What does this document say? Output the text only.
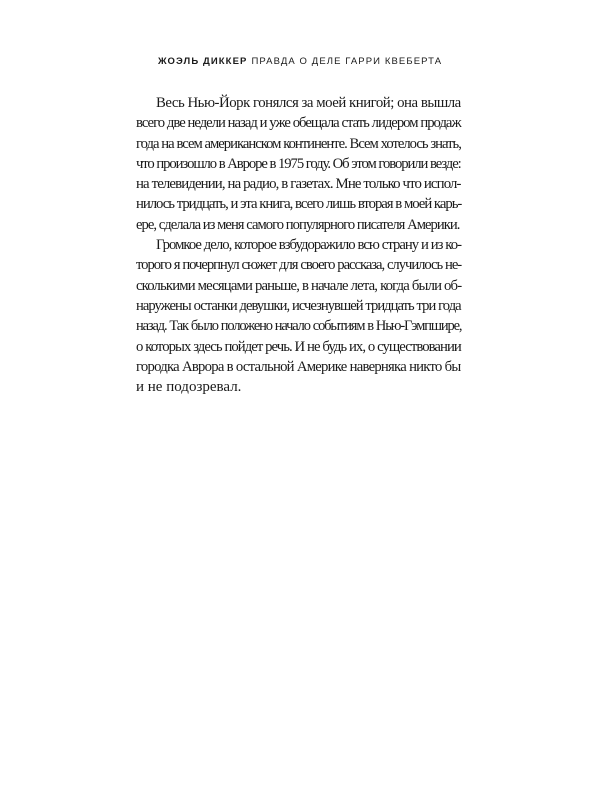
ЖОЭЛЬ ДИККЕР ПРАВДА О ДЕЛЕ ГАРРИ КВЕБЕРТА

Весь Нью-Йорк гонялся за моей книгой; она вышла
всего две недели назад и уже обещала стать лидером продаж
года на всем американском континенте. Всем хотелось знать,
что произошло в Авроре в 1975 году. Об этом говорили везде:
на телевидении, на радио, в газетах. Мне только что испол-
нилось тридцать, и эта книга, всего лишь вторая в моей карь-
ере, сделала из меня самого популярного писателя Америки.

Громкое дело, которое взбудоражило всю страну и из ко-
торого я почерпнул сюжет для своего рассказа, случилось не-
сколькими месяцами раньше, в начале лета, когда были об-
наружены останки девушки, исчезнувшей тридцать три года
назад. Так было положено начало событиям в Нью-Гэмпшире,
о которых здесь пойдет речь. И не будь их, о существовании
городка Аврора в остальной Америке наверняка никто бы
и не подозревал.
